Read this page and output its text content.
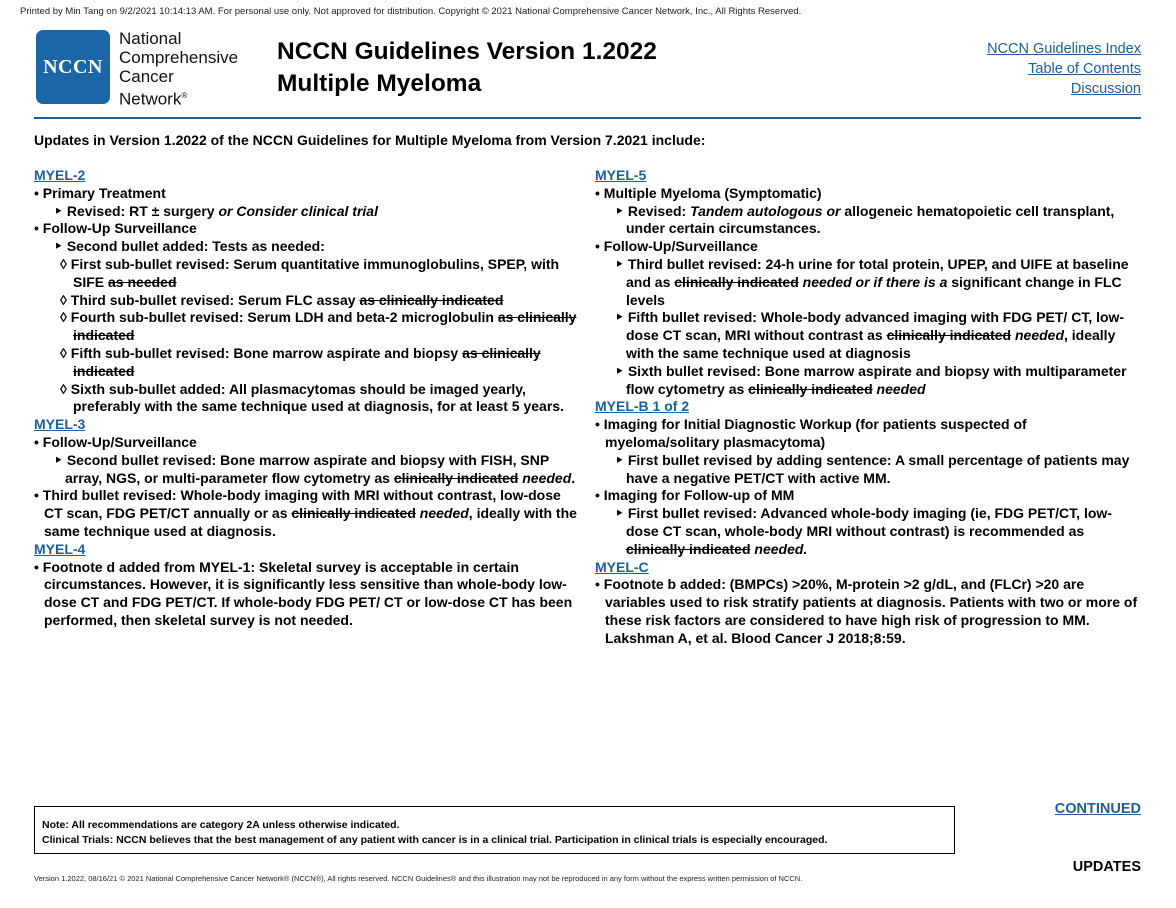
Printed by Min Tang on 9/2/2021 10:14:13 AM. For personal use only. Not approved for distribution. Copyright © 2021 National Comprehensive Cancer Network, Inc., All Rights Reserved.
NCCN
National
Comprehensive
Cancer
Network®
NCCN Guidelines Version 1.2022
Multiple Myeloma
NCCN Guidelines Index
Table of Contents
Discussion
Updates in Version 1.2022 of the NCCN Guidelines for Multiple Myeloma from Version 7.2021 include:
MYEL-2
• Primary Treatment
‣ Revised: RT ± surgery or Consider clinical trial
• Follow-Up Surveillance
‣ Second bullet added: Tests as needed:
◊ First sub-bullet revised: Serum quantitative immunoglobulins, SPEP, with SIFE as needed
◊ Third sub-bullet revised: Serum FLC assay as clinically indicated
◊ Fourth sub-bullet revised: Serum LDH and beta-2 microglobulin as clinically indicated
◊ Fifth sub-bullet revised: Bone marrow aspirate and biopsy as clinically indicated
◊ Sixth sub-bullet added: All plasmacytomas should be imaged yearly, preferably with the same technique used at diagnosis, for at least 5 years.
MYEL-3
• Follow-Up/Surveillance
‣ Second bullet revised: Bone marrow aspirate and biopsy with FISH, SNP array, NGS, or multi-parameter flow cytometry as clinically indicated needed.
• Third bullet revised: Whole-body imaging with MRI without contrast, low-dose CT scan, FDG PET/CT annually or as clinically indicated needed, ideally with the same technique used at diagnosis.
MYEL-4
• Footnote d added from MYEL-1: Skeletal survey is acceptable in certain circumstances. However, it is significantly less sensitive than whole-body low-dose CT and FDG PET/CT. If whole-body FDG PET/ CT or low-dose CT has been performed, then skeletal survey is not needed.
MYEL-5
• Multiple Myeloma (Symptomatic)
‣ Revised: Tandem autologous or allogeneic hematopoietic cell transplant, under certain circumstances.
• Follow-Up/Surveillance
‣ Third bullet revised: 24-h urine for total protein, UPEP, and UIFE at baseline and as clinically indicated needed or if there is a significant change in FLC levels
‣ Fifth bullet revised: Whole-body advanced imaging with FDG PET/ CT, low-dose CT scan, MRI without contrast as clinically indicated needed, ideally with the same technique used at diagnosis
‣ Sixth bullet revised: Bone marrow aspirate and biopsy with multiparameter flow cytometry as clinically indicated needed
MYEL-B 1 of 2
• Imaging for Initial Diagnostic Workup (for patients suspected of myeloma/solitary plasmacytoma)
‣ First bullet revised by adding sentence: A small percentage of patients may have a negative PET/CT with active MM.
• Imaging for Follow-up of MM
‣ First bullet revised: Advanced whole-body imaging (ie, FDG PET/CT, low-dose CT scan, whole-body MRI without contrast) is recommended as clinically indicated needed.
MYEL-C
• Footnote b added: (BMPCs) >20%, M-protein >2 g/dL, and (FLCr) >20 are variables used to risk stratify patients at diagnosis. Patients with two or more of these risk factors are considered to have high risk of progression to MM. Lakshman A, et al. Blood Cancer J 2018;8:59.
Note: All recommendations are category 2A unless otherwise indicated.
Clinical Trials: NCCN believes that the best management of any patient with cancer is in a clinical trial. Participation in clinical trials is especially encouraged.
CONTINUED
UPDATES
Version 1.2022, 08/16/21 © 2021 National Comprehensive Cancer Network® (NCCN®), All rights reserved. NCCN Guidelines® and this illustration may not be reproduced in any form without the express written permission of NCCN.
